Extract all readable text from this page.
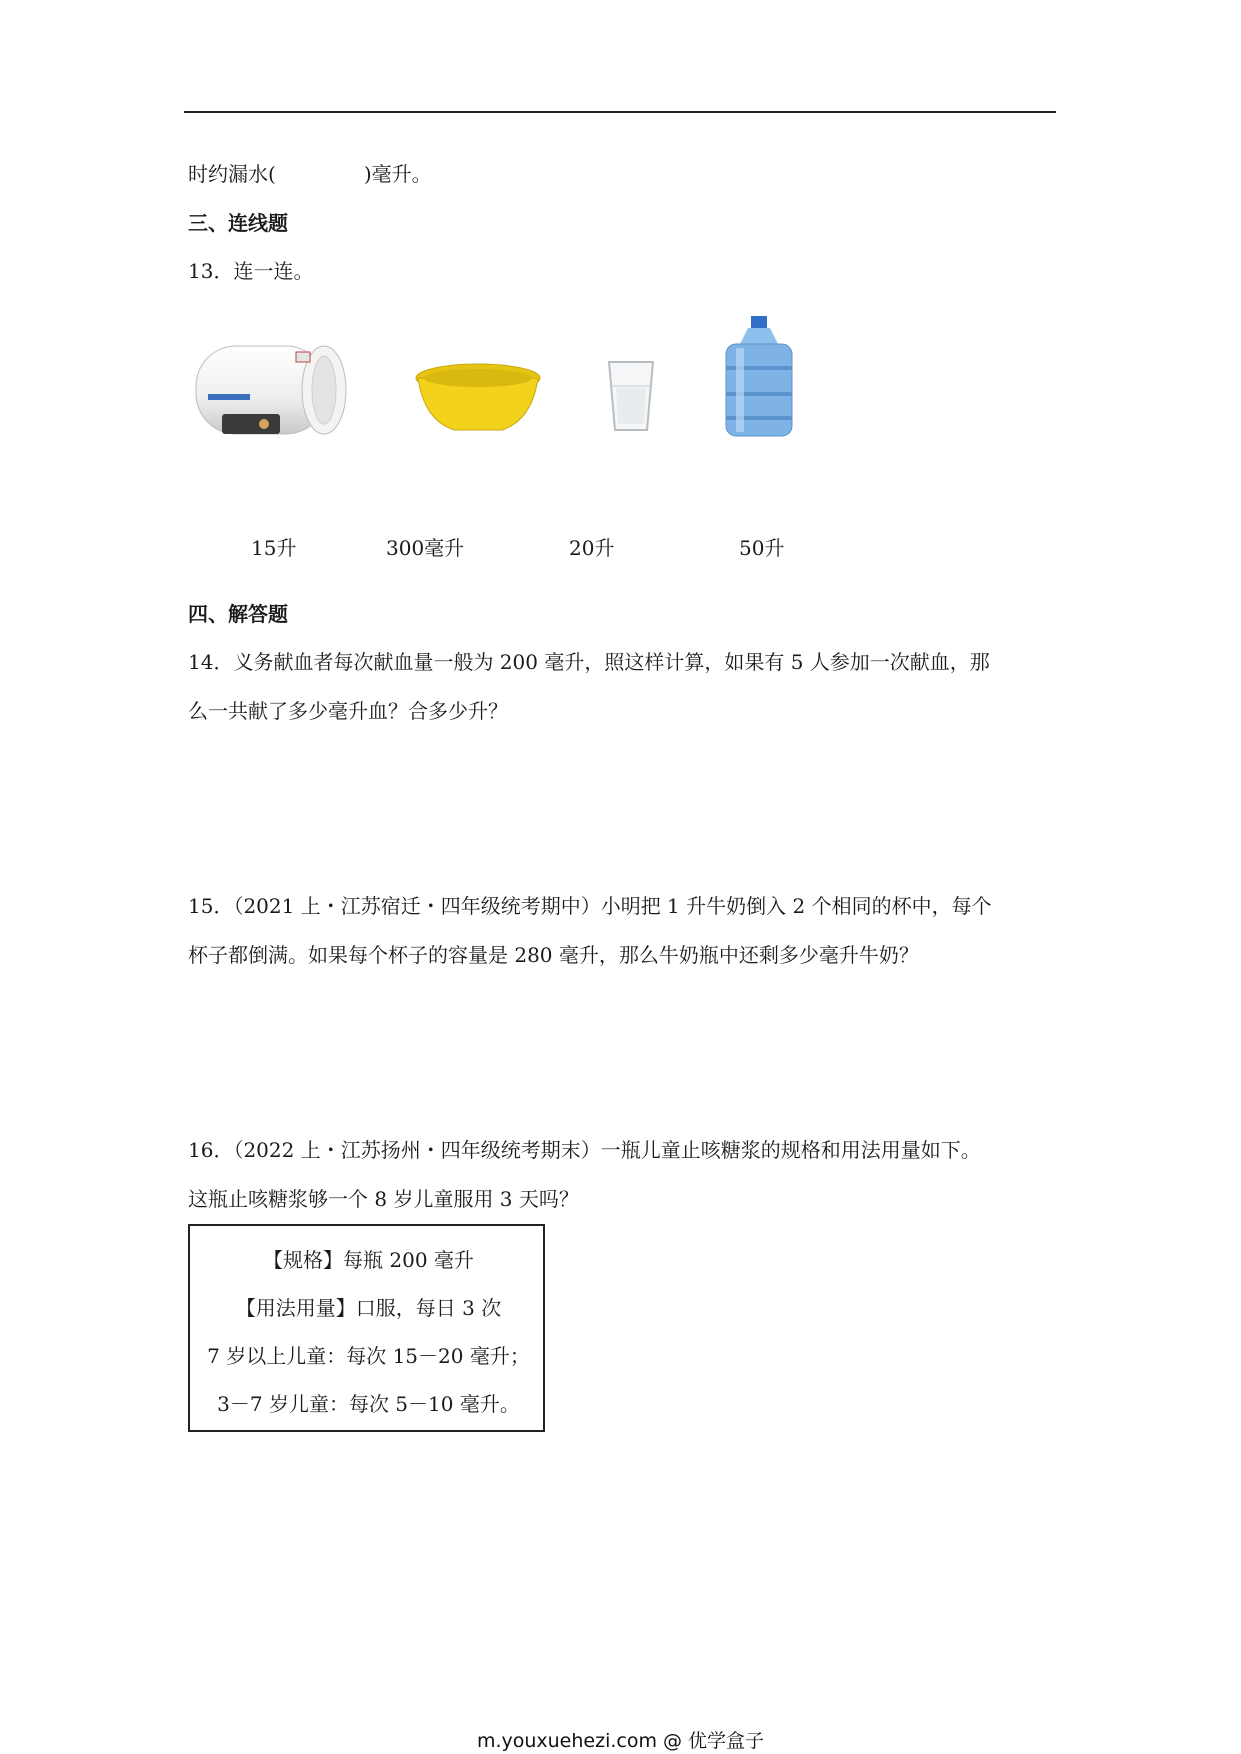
时约漏水(	)毫升。
三、连线题
13．连一连。
15升	300毫升	20升	50升
四、解答题
14．义务献血者每次献血量一般为 200 毫升，照这样计算，如果有 5 人参加一次献血，那
么一共献了多少毫升血？合多少升？
15．（2021 上・江苏宿迁・四年级统考期中）小明把 1 升牛奶倒入 2 个相同的杯中，每个
杯子都倒满。如果每个杯子的容量是 280 毫升，那么牛奶瓶中还剩多少毫升牛奶？
16．（2022 上・江苏扬州・四年级统考期末）一瓶儿童止咳糖浆的规格和用法用量如下。
这瓶止咳糖浆够一个 8 岁儿童服用 3 天吗？
【规格】每瓶 200 毫升
【用法用量】口服，每日 3 次
7 岁以上儿童：每次 15－20 毫升；
3－7 岁儿童：每次 5－10 毫升。
m.youxuehezi.com @ 优学盒子
